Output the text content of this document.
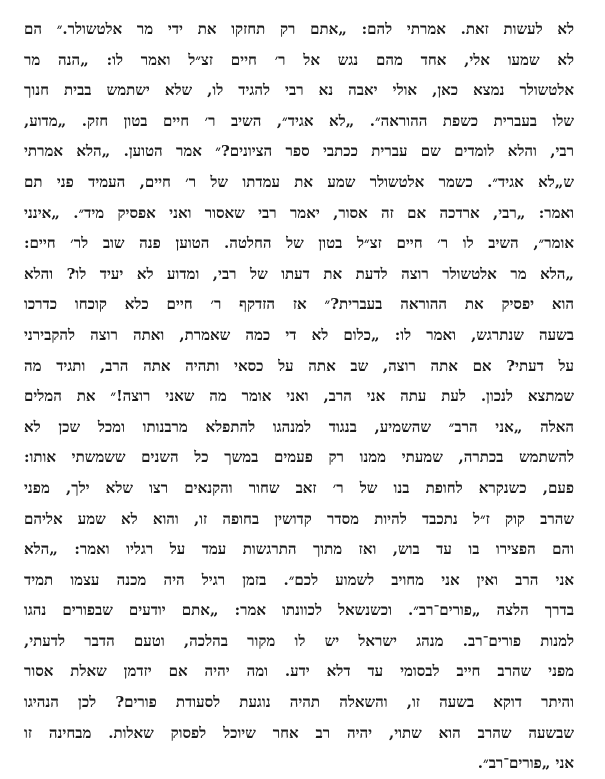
לא לעשות זאת. אמרתי להם: „אתם רק תחזקו את ידי מר אלטשולר.״ הם
לא שמעו אלי, אחד מהם נגש אל ר׳ חיים זצ״ל ואמר לו: „הנה מר
אלטשולר נמצא כאן, אולי יאבה נא רבי להגיד לו, שלא ישתמש בבית חנוך
שלו בעברית כשפת ההוראה״. „לא אגיד״, השיב ר׳ חיים בטון חזק. „מדוע,
רבי, והלא לומדים שם עברית ככתבי ספר הציונים?״ אמר הטוען. „הלא אמרתי
ש„לא אגיד״. כשמר אלטשולר שמע את עמדתו של ר׳ חיים, העמיד פני תם
ואמר: „רבי, ארדכה אם זה אסור, יאמר רבי שאסור ואני אפסיק מיד״. „אינני
אומר״, השיב לו ר׳ חיים זצ״ל בטון של החלטה. הטוען פנה שוב לר׳ חיים:
„הלא מר אלטשולר רוצה לדעת את דעתו של רבי, ומדוע לא יעיד לו? והלא
הוא יפסיק את ההוראה בעברית?״ אז הזדקף ר׳ חיים כלא קוכחו כדרכו
בשעה שנתרגש, ואמר לו: „כלום לא די כמה שאמרת, ואתה רוצה להקבירני
על דעתי? אם אתה רוצה, שב אתה על כסאי ותהיה אתה הרב, ותגיד מה
שמתצא לנכון. לעת עתה אני הרב, ואני אומר מה שאני רוצה!״ את המלים
האלה „אני הרב״ שהשמיע, בנגוד למנהגו להתפלא מרבנותו ומכל שכן לא
להשתמש בכתרה, שמעתי ממנו רק פעמים במשך כל השנים ששמשתי אותו:
פעם, כשנקרא לחופת בנו של ר׳ זאב שחור והקנאים רצו שלא ילך, מפני
שהרב קוק ז״ל נתכבד להיות מסדר קדושין בחופה זו, והוא לא שמע אליהם
והם הפצירו בו עד בוש, ואז מתוך התרגשות עמד על רגליו ואמר: „הלא
אני הרב ואין אני מחויב לשמוע לכם״. בזמן רגיל היה מכנה עצמו תמיד
בדרך הלצה „פורים־רב״. וכשנשאל לכוונתו אמר: „אתם יודעים שבפורים נהגו
למנות פורים־רב. מנהג ישראל יש לו מקור בהלכה, וטעם הדבר לדעתי,
מפני שהרב חייב לבסומי עד דלא ידע. ומה יהיה אם יזדמן שאלת אסור
והיתר דוקא בשעה זו, והשאלה תהיה נוגעת לסעודת פורים? לכן הנהיגו
שבשעה שהרב הוא שתוי, יהיה רב אחר שיוכל לפסוק שאלות. מבחינה זו
אני „פורים־רב״.
